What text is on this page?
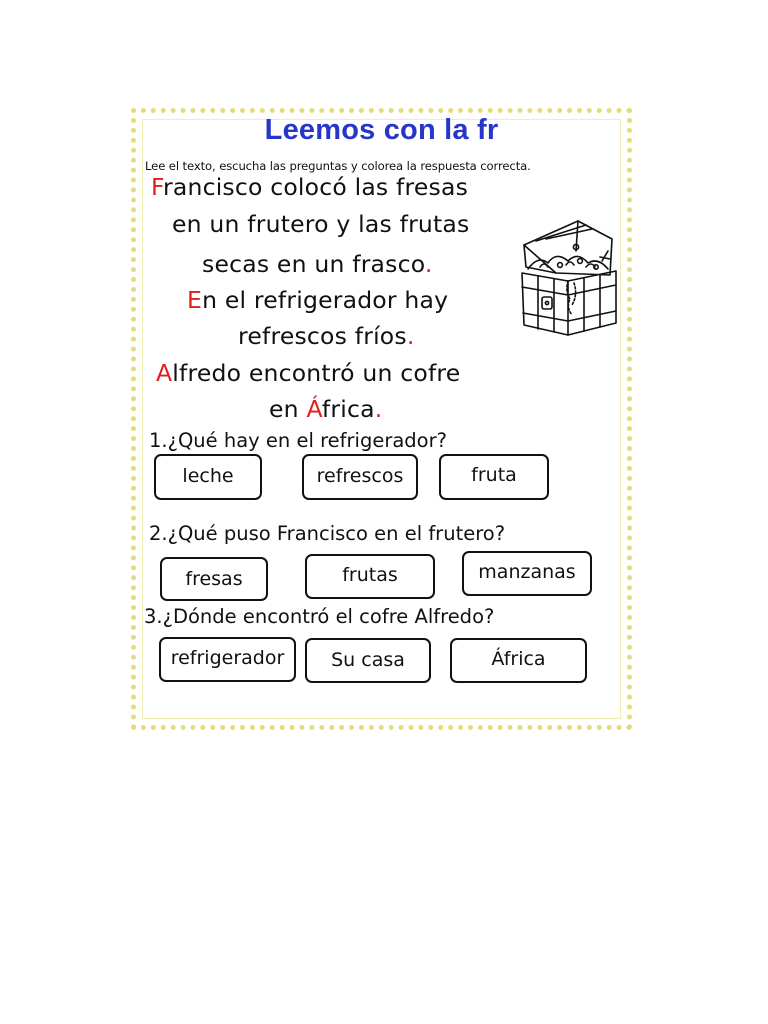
Leemos con la fr
Lee el texto, escucha las preguntas y colorea la respuesta correcta.
Francisco colocó las fresas
en un frutero y las frutas
secas en un frasco.
En el refrigerador hay
refrescos fríos.
Alfredo encontró un cofre
en África.
1.¿Qué hay en el refrigerador?
leche	refrescos	fruta
2.¿Qué puso Francisco en el frutero?
fresas	frutas	manzanas
3.¿Dónde encontró el cofre Alfredo?
refrigerador	Su casa	África
